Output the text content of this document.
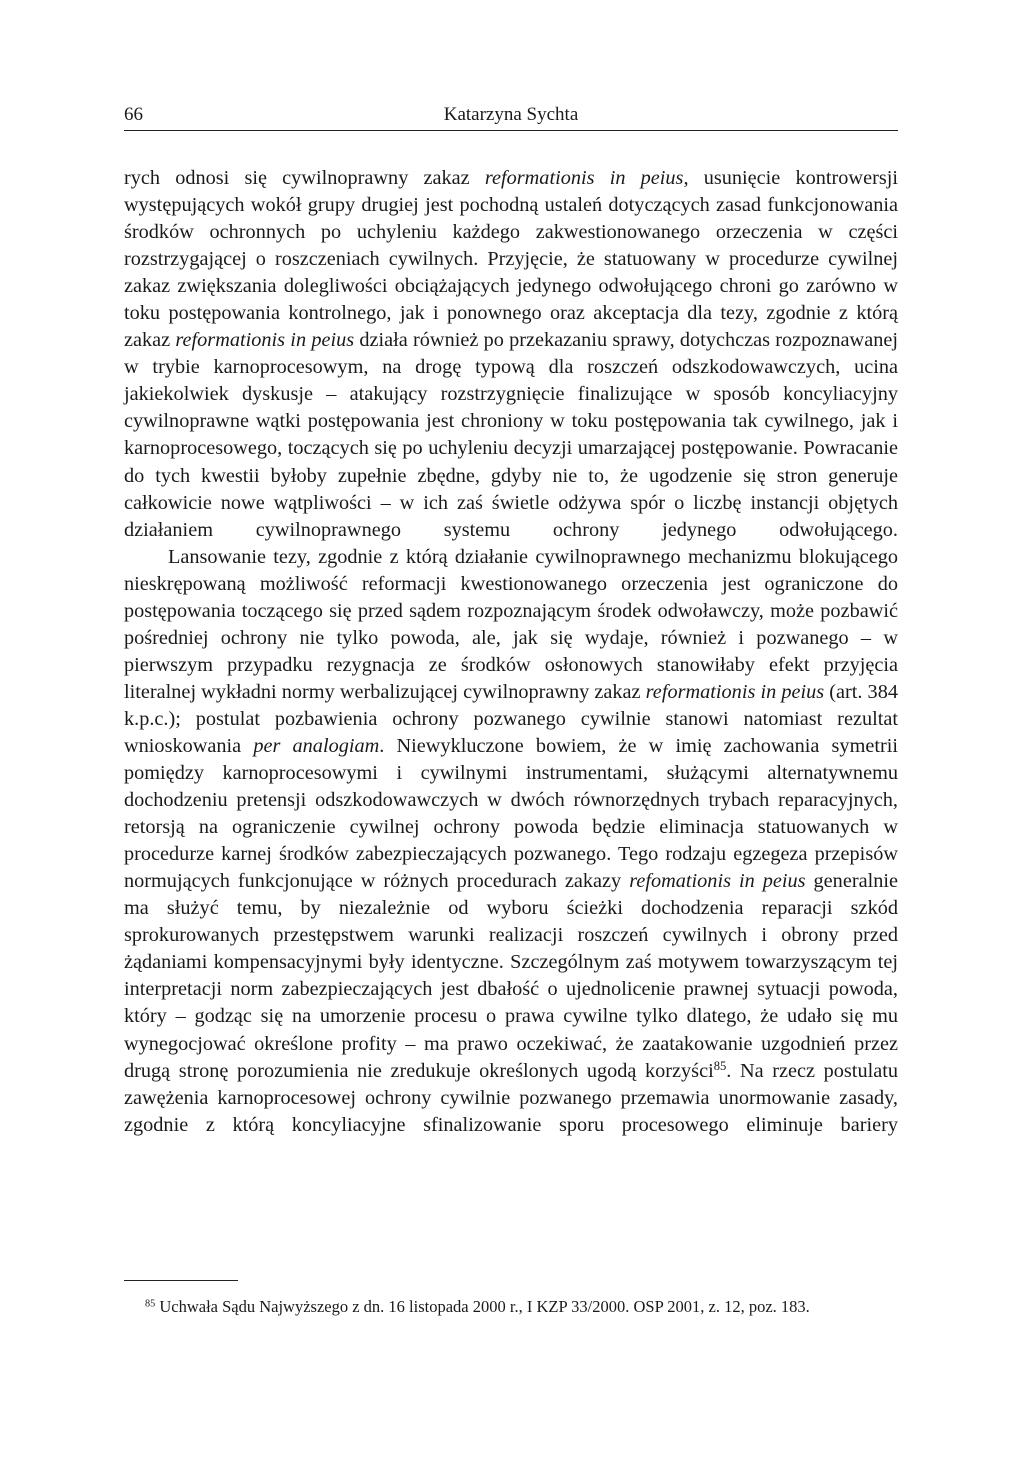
66	Katarzyna Sychta

rych odnosi się cywilnoprawny zakaz reformationis in peius, usunięcie kontrowersji występujących wokół grupy drugiej jest pochodną ustaleń dotyczących zasad funkcjonowania środków ochronnych po uchyleniu każdego zakwestionowanego orzeczenia w części rozstrzygającej o roszczeniach cywilnych. Przyjęcie, że statuowany w procedurze cywilnej zakaz zwiększania dolegliwości obciążających jedynego odwołującego chroni go zarówno w toku postępowania kontrolnego, jak i ponownego oraz akceptacja dla tezy, zgodnie z którą zakaz reformationis in peius działa również po przekazaniu sprawy, dotychczas rozpoznawanej w trybie karnoprocesowym, na drogę typową dla roszczeń odszkodowawczych, ucina jakiekolwiek dyskusje – atakujący rozstrzygnięcie finalizujące w sposób koncyliacyjny cywilnoprawne wątki postępowania jest chroniony w toku postępowania tak cywilnego, jak i karnoprocesowego, toczących się po uchyleniu decyzji umarzającej postępowanie. Powracanie do tych kwestii byłoby zupełnie zbędne, gdyby nie to, że ugodzenie się stron generuje całkowicie nowe wątpliwości – w ich zaś świetle odżywa spór o liczbę instancji objętych działaniem cywilnoprawnego systemu ochrony jedynego odwołującego.

Lansowanie tezy, zgodnie z którą działanie cywilnoprawnego mechanizmu blokującego nieskrępowaną możliwość reformacji kwestionowanego orzeczenia jest ograniczone do postępowania toczącego się przed sądem rozpoznającym środek odwoławczy, może pozbawić pośredniej ochrony nie tylko powoda, ale, jak się wydaje, również i pozwanego – w pierwszym przypadku rezygnacja ze środków osłonowych stanowiłaby efekt przyjęcia literalnej wykładni normy werbalizującej cywilnoprawny zakaz reformationis in peius (art. 384 k.p.c.); postulat pozbawienia ochrony pozwanego cywilnie stanowi natomiast rezultat wnioskowania per analogiam. Niewykluczone bowiem, że w imię zachowania symetrii pomiędzy karnoprocesowymi i cywilnymi instrumentami, służącymi alternatywnemu dochodzeniu pretensji odszkodowawczych w dwóch równorzędnych trybach reparacyjnych, retorsją na ograniczenie cywilnej ochrony powoda będzie eliminacja statuowanych w procedurze karnej środków zabezpieczających pozwanego. Tego rodzaju egzegeza przepisów normujących funkcjonujące w różnych procedurach zakazy refomationis in peius generalnie ma służyć temu, by niezależnie od wyboru ścieżki dochodzenia reparacji szkód sprokurowanych przestępstwem warunki realizacji roszczeń cywilnych i obrony przed żądaniami kompensacyjnymi były identyczne. Szczególnym zaś motywem towarzyszącym tej interpretacji norm zabezpieczających jest dbałość o ujednolicenie prawnej sytuacji powoda, który – godząc się na umorzenie procesu o prawa cywilne tylko dlatego, że udało się mu wynegocjować określone profity – ma prawo oczekiwać, że zaatakowanie uzgodnień przez drugą stronę porozumienia nie zredukuje określonych ugodą korzyści$^{85}$. Na rzecz postulatu zawężenia karnoprocesowej ochrony cywilnie pozwanego przemawia unormowanie zasady, zgodnie z którą koncyliacyjne sfinalizowanie sporu procesowego eliminuje bariery

$^{85}$ Uchwała Sądu Najwyższego z dn. 16 listopada 2000 r., I KZP 33/2000. OSP 2001, z. 12, poz. 183.
